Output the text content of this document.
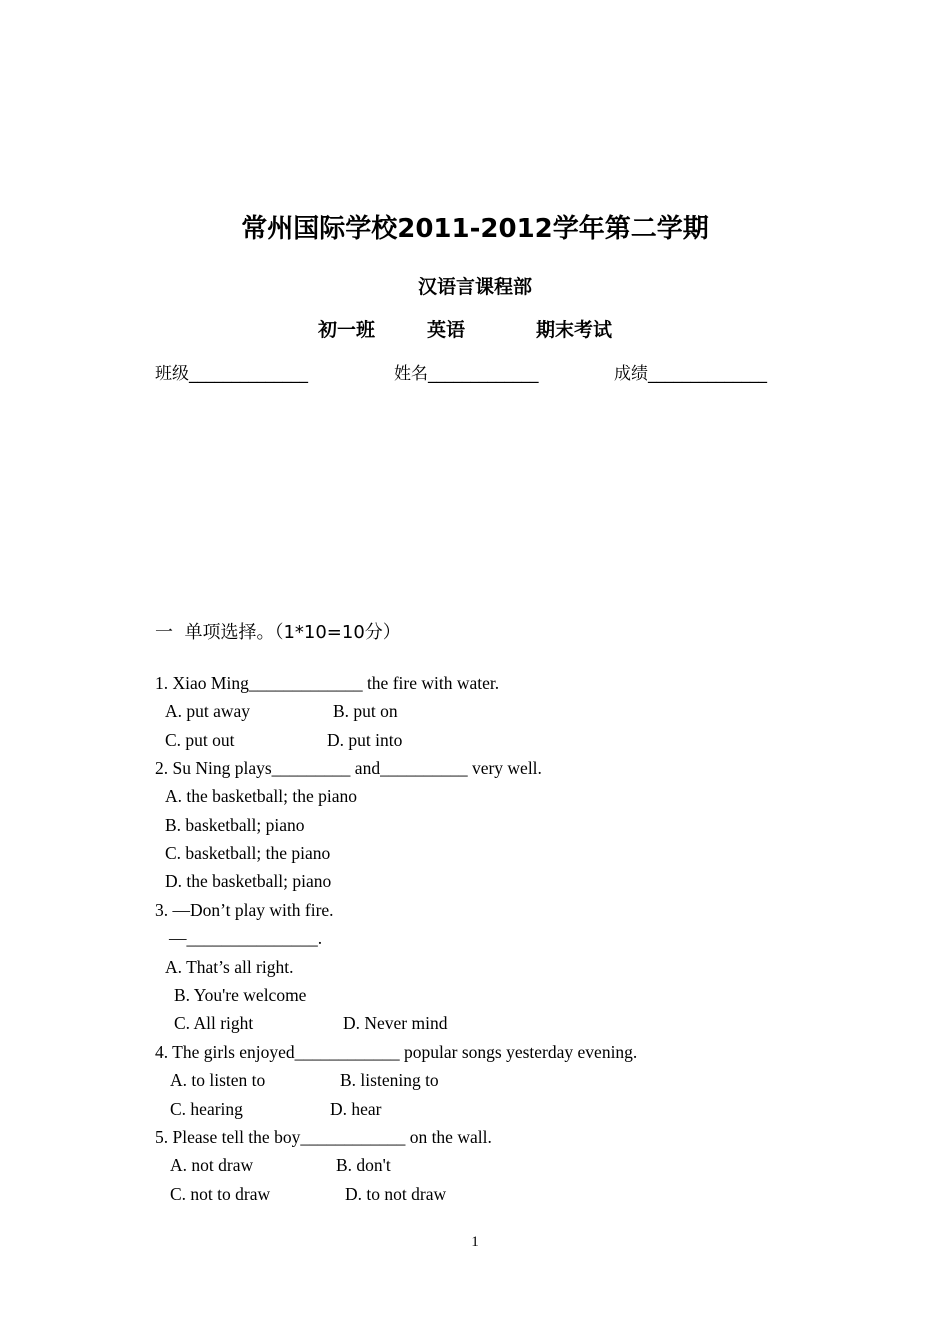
常州国际学校2011-2012学年第二学期
汉语言课程部
初一班	英语	期末考试
班级______________	姓名_____________	成绩______________
一  单项选择。（1*10=10分）
1. Xiao Ming_____________ the fire with water.
A. put away	B. put on
C. put out	D. put into
2. Su Ning plays_________ and__________ very well.
A. the basketball; the piano
B. basketball; piano
C. basketball; the piano
D. the basketball; piano
3. —Don’t play with fire.
—_______________.
A. That’s all right.
B. You're welcome
C. All right	D. Never mind
4. The girls enjoyed____________ popular songs yesterday evening.
A. to listen to	B. listening to
C. hearing	D. hear
5. Please tell the boy____________ on the wall.
A. not draw	B. don't
C. not to draw	D. to not draw
1
